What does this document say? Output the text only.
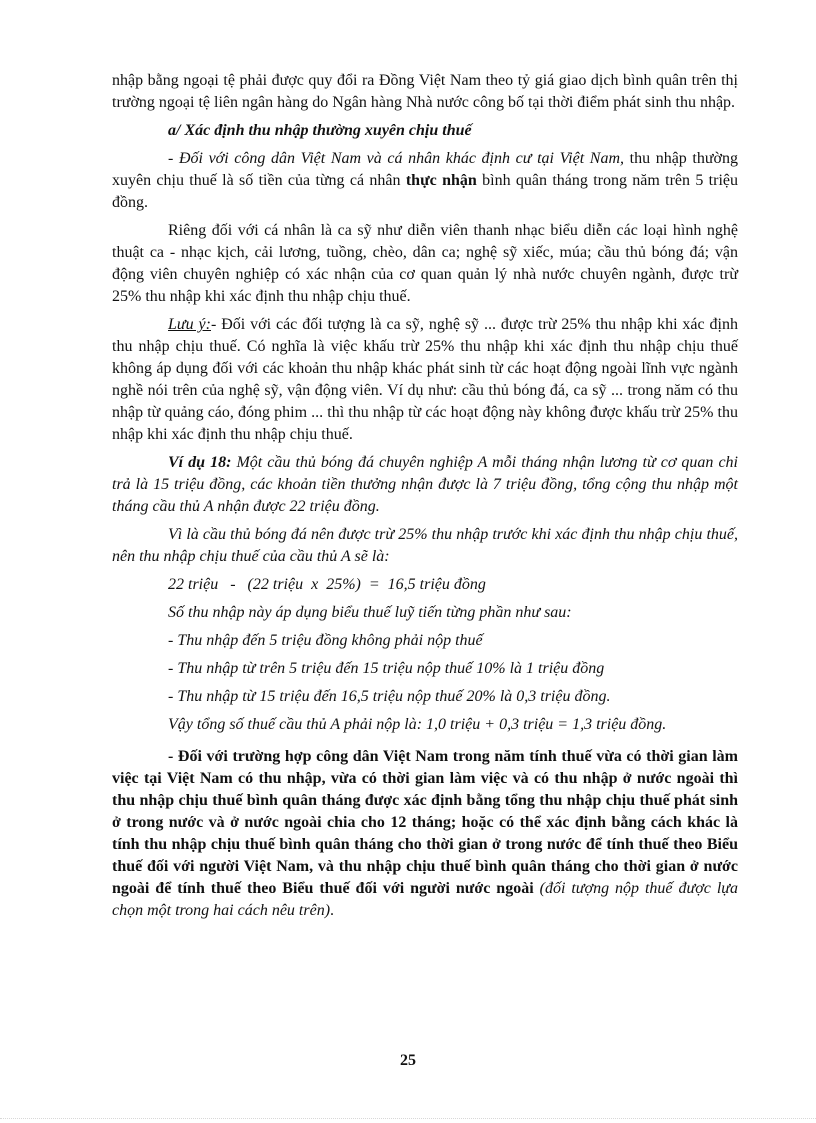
nhập bằng ngoại tệ phải được quy đổi ra Đồng Việt Nam theo tỷ giá giao dịch bình quân trên thị trường ngoại tệ liên ngân hàng do Ngân hàng Nhà nước công bố tại thời điểm phát sinh thu nhập.

a/ Xác định thu nhập thường xuyên chịu thuế

- Đối với công dân Việt Nam và cá nhân khác định cư tại Việt Nam, thu nhập thường xuyên chịu thuế là số tiền của từng cá nhân thực nhận bình quân tháng trong năm trên 5 triệu đồng.

Riêng đối với cá nhân là ca sỹ như diễn viên thanh nhạc biểu diễn các loại hình nghệ thuật ca - nhạc kịch, cải lương, tuồng, chèo, dân ca; nghệ sỹ xiếc, múa; cầu thủ bóng đá; vận động viên chuyên nghiệp có xác nhận của cơ quan quản lý nhà nước chuyên ngành, được trừ 25% thu nhập khi xác định thu nhập chịu thuế.

Lưu ý:- Đối với các đối tượng là ca sỹ, nghệ sỹ ... được trừ 25% thu nhập khi xác định thu nhập chịu thuế. Có nghĩa là việc khấu trừ 25% thu nhập khi xác định thu nhập chịu thuế không áp dụng đối với các khoản thu nhập khác phát sinh từ các hoạt động ngoài lĩnh vực ngành nghề nói trên của nghệ sỹ, vận động viên. Ví dụ như: cầu thủ bóng đá, ca sỹ ... trong năm có thu nhập từ quảng cáo, đóng phim ... thì thu nhập từ các hoạt động này không được khấu trừ 25% thu nhập khi xác định thu nhập chịu thuế.

Ví dụ 18: Một cầu thủ bóng đá chuyên nghiệp A mỗi tháng nhận lương từ cơ quan chi trả là 15 triệu đồng, các khoản tiền thưởng nhận được là 7 triệu đồng, tổng cộng thu nhập một tháng cầu thủ A nhận được 22 triệu đồng.

Vì là cầu thủ bóng đá nên được trừ 25% thu nhập trước khi xác định thu nhập chịu thuế, nên thu nhập chịu thuế của cầu thủ A sẽ là:

22 triệu   -   (22 triệu  x  25%)  =  16,5 triệu đồng

Số thu nhập này áp dụng biểu thuế luỹ tiến từng phần như sau:

- Thu nhập đến 5 triệu đồng không phải nộp thuế

- Thu nhập từ trên 5 triệu đến 15 triệu nộp thuế 10% là 1 triệu đồng

- Thu nhập từ 15 triệu đến 16,5 triệu nộp thuế 20% là 0,3 triệu đồng.

Vậy tổng số thuế cầu thủ A phải nộp là: 1,0 triệu + 0,3 triệu = 1,3 triệu đồng.

- Đối với trường hợp công dân Việt Nam trong năm tính thuế vừa có thời gian làm việc tại Việt Nam có thu nhập, vừa có thời gian làm việc và có thu nhập ở nước ngoài thì thu nhập chịu thuế bình quân tháng được xác định bằng tổng thu nhập chịu thuế phát sinh ở trong nước và ở nước ngoài chia cho 12 tháng; hoặc có thể xác định bằng cách khác là tính thu nhập chịu thuế bình quân tháng cho thời gian ở trong nước để tính thuế theo Biểu thuế đối với người Việt Nam, và thu nhập chịu thuế bình quân tháng cho thời gian ở nước ngoài để tính thuế theo Biểu thuế đối với người nước ngoài (đối tượng nộp thuế được lựa chọn một trong hai cách nêu trên).

25
